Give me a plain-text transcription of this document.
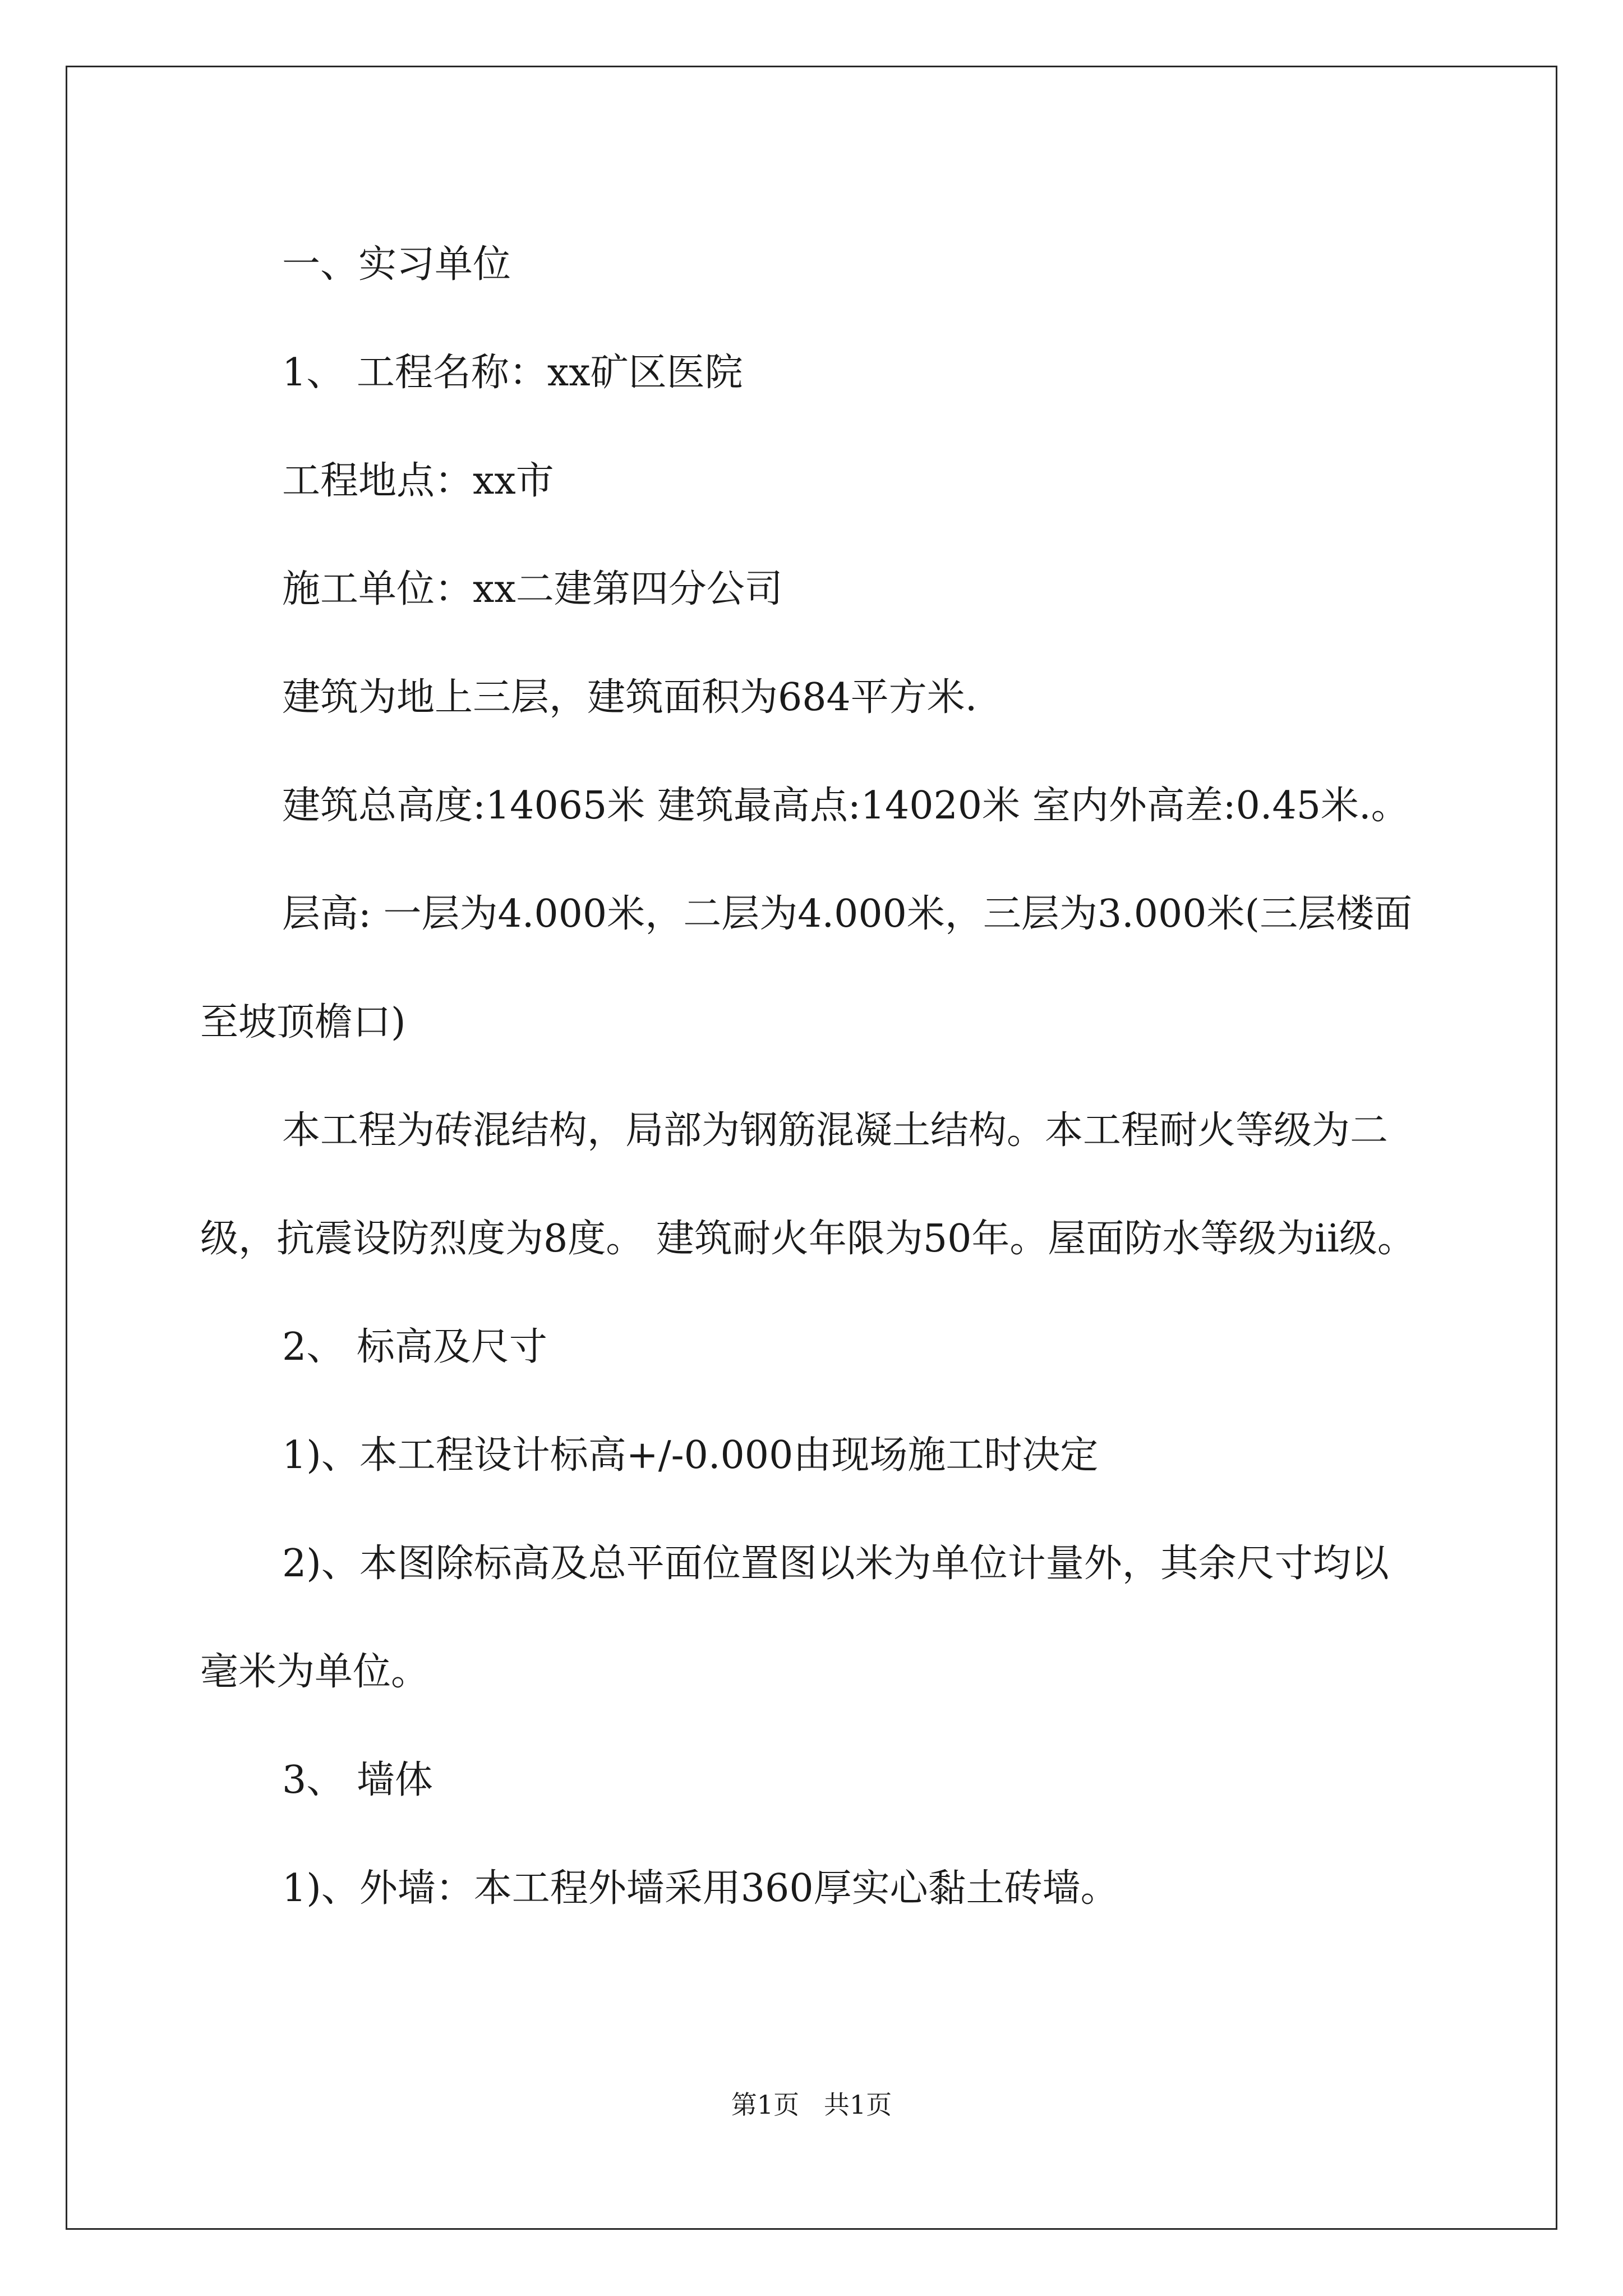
一、实习单位

1、 工程名称：xx矿区医院

工程地点：xx市

施工单位：xx二建第四分公司

建筑为地上三层，建筑面积为684平方米.

建筑总高度:14065米 建筑最高点:14020米 室内外高差:0.45米.。

层高: 一层为4.000米，二层为4.000米，三层为3.000米(三层楼面至坡顶檐口)

本工程为砖混结构，局部为钢筋混凝土结构。本工程耐火等级为二级，抗震设防烈度为8度。 建筑耐火年限为50年。屋面防水等级为ii级。

2、 标高及尺寸

1)、本工程设计标高+/-0.000由现场施工时决定

2)、本图除标高及总平面位置图以米为单位计量外，其余尺寸均以毫米为单位。

3、 墙体

1)、外墙：本工程外墙采用360厚实心黏土砖墙。

第1页   共1页
